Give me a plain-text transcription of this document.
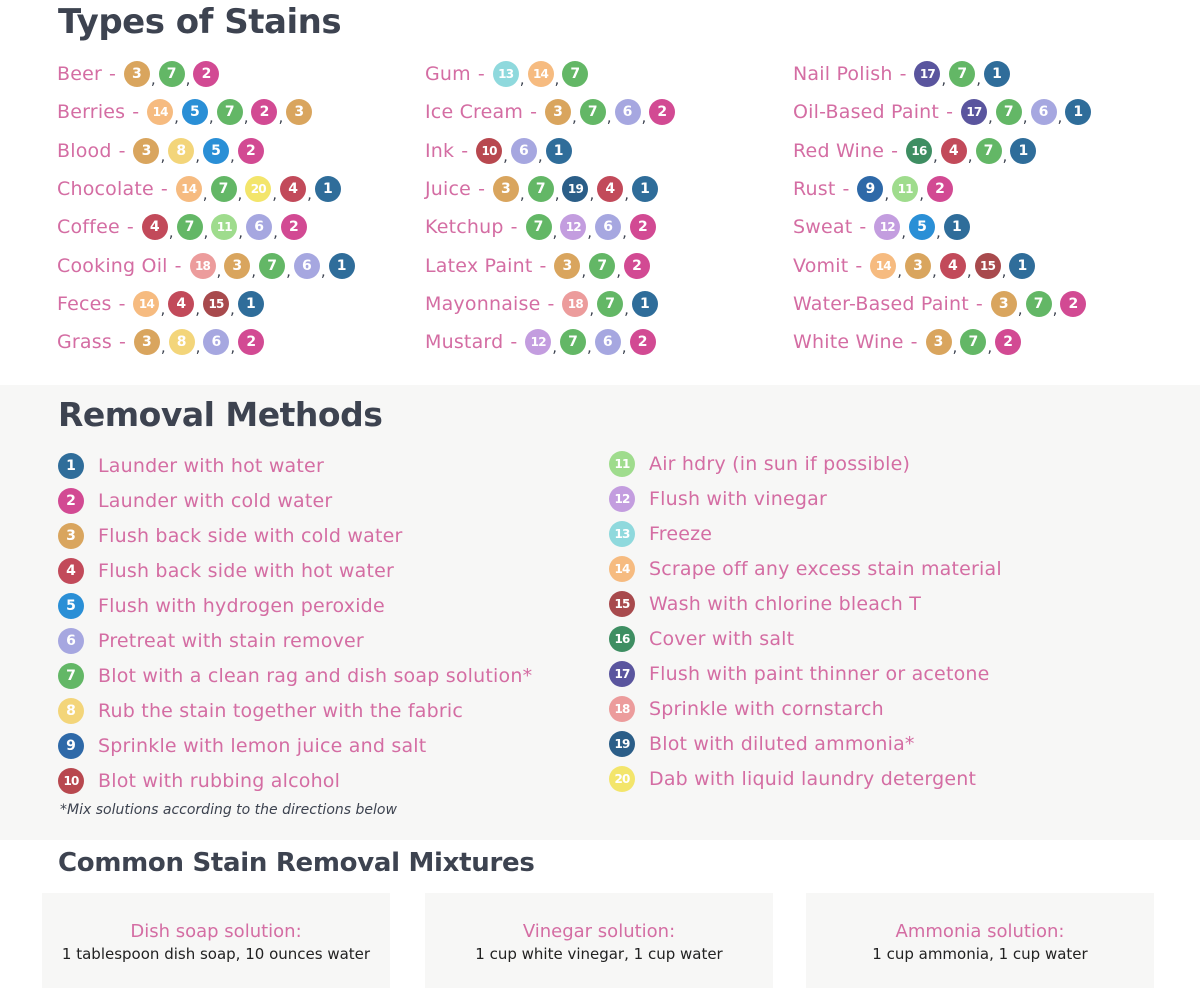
Types of Stains
Beer -	3 , 7 , 2
Berries -	14 , 5 , 7 , 2 , 3
Blood -	3 , 8 , 5 , 2
Chocolate -	14 , 7 , 20 , 4 , 1
Coffee -	4 , 7 , 11 , 6 , 2
Cooking Oil -	18 , 3 , 7 , 6 , 1
Feces -	14 , 4 , 15 , 1
Grass -	3 , 8 , 6 , 2
Gum -	13 , 14 , 7
Ice Cream -	3 , 7 , 6 , 2
Ink -	10 , 6 , 1
Juice -	3 , 7 , 19 , 4 , 1
Ketchup -	7 , 12 , 6 , 2
Latex Paint -	3 , 7 , 2
Mayonnaise -	18 , 7 , 1
Mustard -	12 , 7 , 6 , 2
Nail Polish -	17 , 7 , 1
Oil-Based Paint -	17 , 7 , 6 , 1
Red Wine -	16 , 4 , 7 , 1
Rust -	9 , 11 , 2
Sweat -	12 , 5 , 1
Vomit -	14 , 3 , 4 , 15 , 1
Water-Based Paint -	3 , 7 , 2
White Wine -	3 , 7 , 2
Removal Methods
1	Launder with hot water
2	Launder with cold water
3	Flush back side with cold water
4	Flush back side with hot water
5	Flush with hydrogen peroxide
6	Pretreat with stain remover
7	Blot with a clean rag and dish soap solution*
8	Rub the stain together with the fabric
9	Sprinkle with lemon juice and salt
10 Blot with rubbing alcohol
11 Air hdry (in sun if possible)
12 Flush with vinegar
13 Freeze
14 Scrape off any excess stain material
15 Wash with chlorine bleach T
16 Cover with salt
17 Flush with paint thinner or acetone
18 Sprinkle with cornstarch
19 Blot with diluted ammonia*
20 Dab with liquid laundry detergent
*Mix solutions according to the directions below
Common Stain Removal Mixtures
Dish soap solution:
1 tablespoon dish soap, 10 ounces water
Vinegar solution:
1 cup white vinegar, 1 cup water
Ammonia solution:
1 cup ammonia, 1 cup water
